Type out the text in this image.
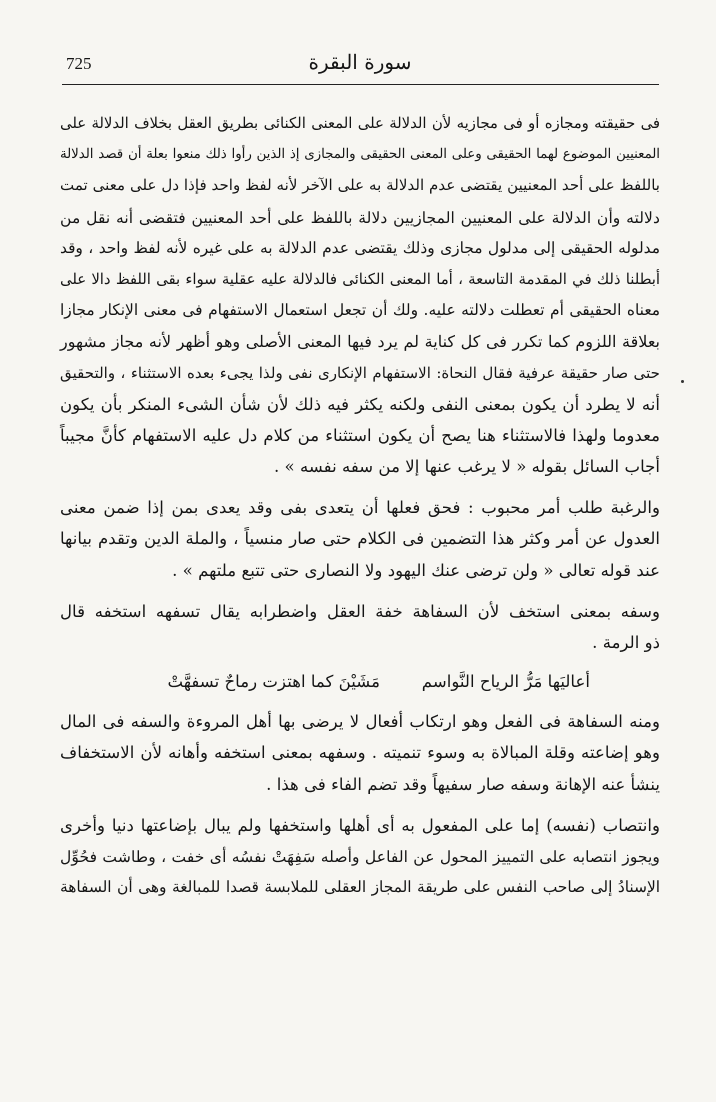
725	سورة البقرة
فى حقيقته ومجازه أو فى مجازيه لأن الدلالة على المعنى الكنائى بطريق العقل بخلاف الدلالة على
المعنيين الموضوع لهما الحقيقى وعلى المعنى الحقيقى والمجازى إذ الذين رأوا ذلك منعوا بعلة أن قصد الدلالة
باللفظ على أحد المعنيين يقتضى عدم الدلالة به على الآخر لأنه لفظ واحد فإذا دل على معنى تمت
دلالته وأن الدلالة على المعنيين المجازيين دلالة باللفظ على أحد المعنيين فتقضى أنه نقل من
مدلوله الحقيقى إلى مدلول مجازى وذلك يقتضى عدم الدلالة به على غيره لأنه لفظ واحد ، وقد
أبطلنا ذلك في المقدمة التاسعة ، أما المعنى الكنائى فالدلالة عليه عقلية سواء بقى اللفظ دالا على
معناه الحقيقى أم تعطلت دلالته عليه. ولك أن تجعل استعمال الاستفهام فى معنى الإنكار مجازا
بعلاقة اللزوم كما تكرر فى كل كناية لم يرد فيها المعنى الأصلى وهو أظهر لأنه مجاز مشهور
حتى صار حقيقة عرفية فقال النحاة: الاستفهام الإنكارى نفى ولذا يجىء بعده الاستثناء ، والتحقيق
أنه لا يطرد أن يكون بمعنى النفى ولكنه يكثر فيه ذلك لأن شأن الشىء المنكر بأن يكون
معدوما ولهذا فالاستثناء هنا يصح أن يكون استثناء من كلام دل عليه الاستفهام كأنَّ مجيباً
أجاب السائل بقوله « لا يرغب عنها إلا من سفه نفسه » .
والرغبة طلب أمر محبوب : فحق فعلها أن يتعدى بفى وقد يعدى بمن إذا ضمن معنى
العدول عن أمر وكثر هذا التضمين فى الكلام حتى صار منسياً ، والملة الدين وتقدم بيانها
عند قوله تعالى « ولن ترضى عنك اليهود ولا النصارى حتى تتبع ملتهم » .
وسفه بمعنى استخف لأن السفاهة خفة العقل واضطرابه يقال تسفهه استخفه قال
ذو الرمة .
مَشَيْنَ كما اهتزت رماحٌ تسفهَّتْ	أعاليَها مَرُّ الرياح النَّواسم
ومنه السفاهة فى الفعل وهو ارتكاب أفعال لا يرضى بها أهل المروءة والسفه فى المال
وهو إضاعته وقلة المبالاة به وسوء تنميته . وسفهه بمعنى استخفه وأهانه لأن الاستخفاف
ينشأ عنه الإهانة وسفه صار سفيهاً وقد تضم الفاء فى هذا .
وانتصاب (نفسه) إما على المفعول به أى أهلها واستخفها ولم يبال بإضاعتها دنيا وأخرى
ويجوز انتصابه على التمييز المحول عن الفاعل وأصله سَفِهَتْ نفسُه أى خفت ، وطاشت فحُوِّل
الإسنادُ إلى صاحب النفس على طريقة المجاز العقلى للملابسة قصدا للمبالغة وهى أن السفاهة
